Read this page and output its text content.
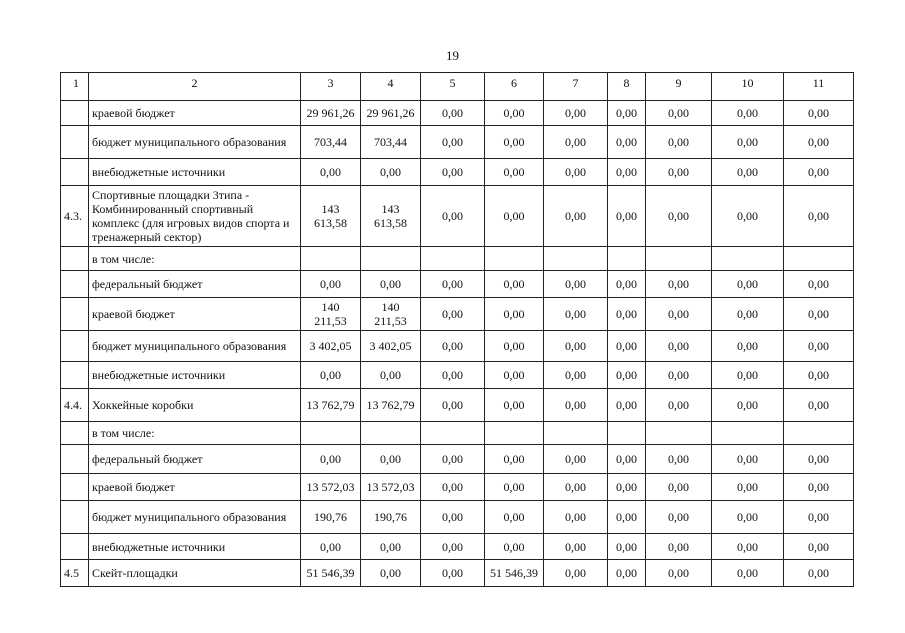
19
1	2	3	4	5	6	7	8	9	10	11
	краевой бюджет	29 961,26	29 961,26	0,00	0,00	0,00	0,00	0,00	0,00	0,00
	бюджет муниципального образования	703,44	703,44	0,00	0,00	0,00	0,00	0,00	0,00	0,00
	внебюджетные источники	0,00	0,00	0,00	0,00	0,00	0,00	0,00	0,00	0,00
4.3.	Спортивные площадки 3типа - Комбинированный спортивный комплекс (для игровых видов спорта и тренажерный сектор)	143 613,58	143 613,58	0,00	0,00	0,00	0,00	0,00	0,00	0,00
	в том числе:									
	федеральный бюджет	0,00	0,00	0,00	0,00	0,00	0,00	0,00	0,00	0,00
	краевой бюджет	140 211,53	140 211,53	0,00	0,00	0,00	0,00	0,00	0,00	0,00
	бюджет муниципального образования	3 402,05	3 402,05	0,00	0,00	0,00	0,00	0,00	0,00	0,00
	внебюджетные источники	0,00	0,00	0,00	0,00	0,00	0,00	0,00	0,00	0,00
4.4.	Хоккейные коробки	13 762,79	13 762,79	0,00	0,00	0,00	0,00	0,00	0,00	0,00
	в том числе:									
	федеральный бюджет	0,00	0,00	0,00	0,00	0,00	0,00	0,00	0,00	0,00
	краевой бюджет	13 572,03	13 572,03	0,00	0,00	0,00	0,00	0,00	0,00	0,00
	бюджет муниципального образования	190,76	190,76	0,00	0,00	0,00	0,00	0,00	0,00	0,00
	внебюджетные источники	0,00	0,00	0,00	0,00	0,00	0,00	0,00	0,00	0,00
4.5	Скейт-площадки	51 546,39	0,00	0,00	51 546,39	0,00	0,00	0,00	0,00	0,00
